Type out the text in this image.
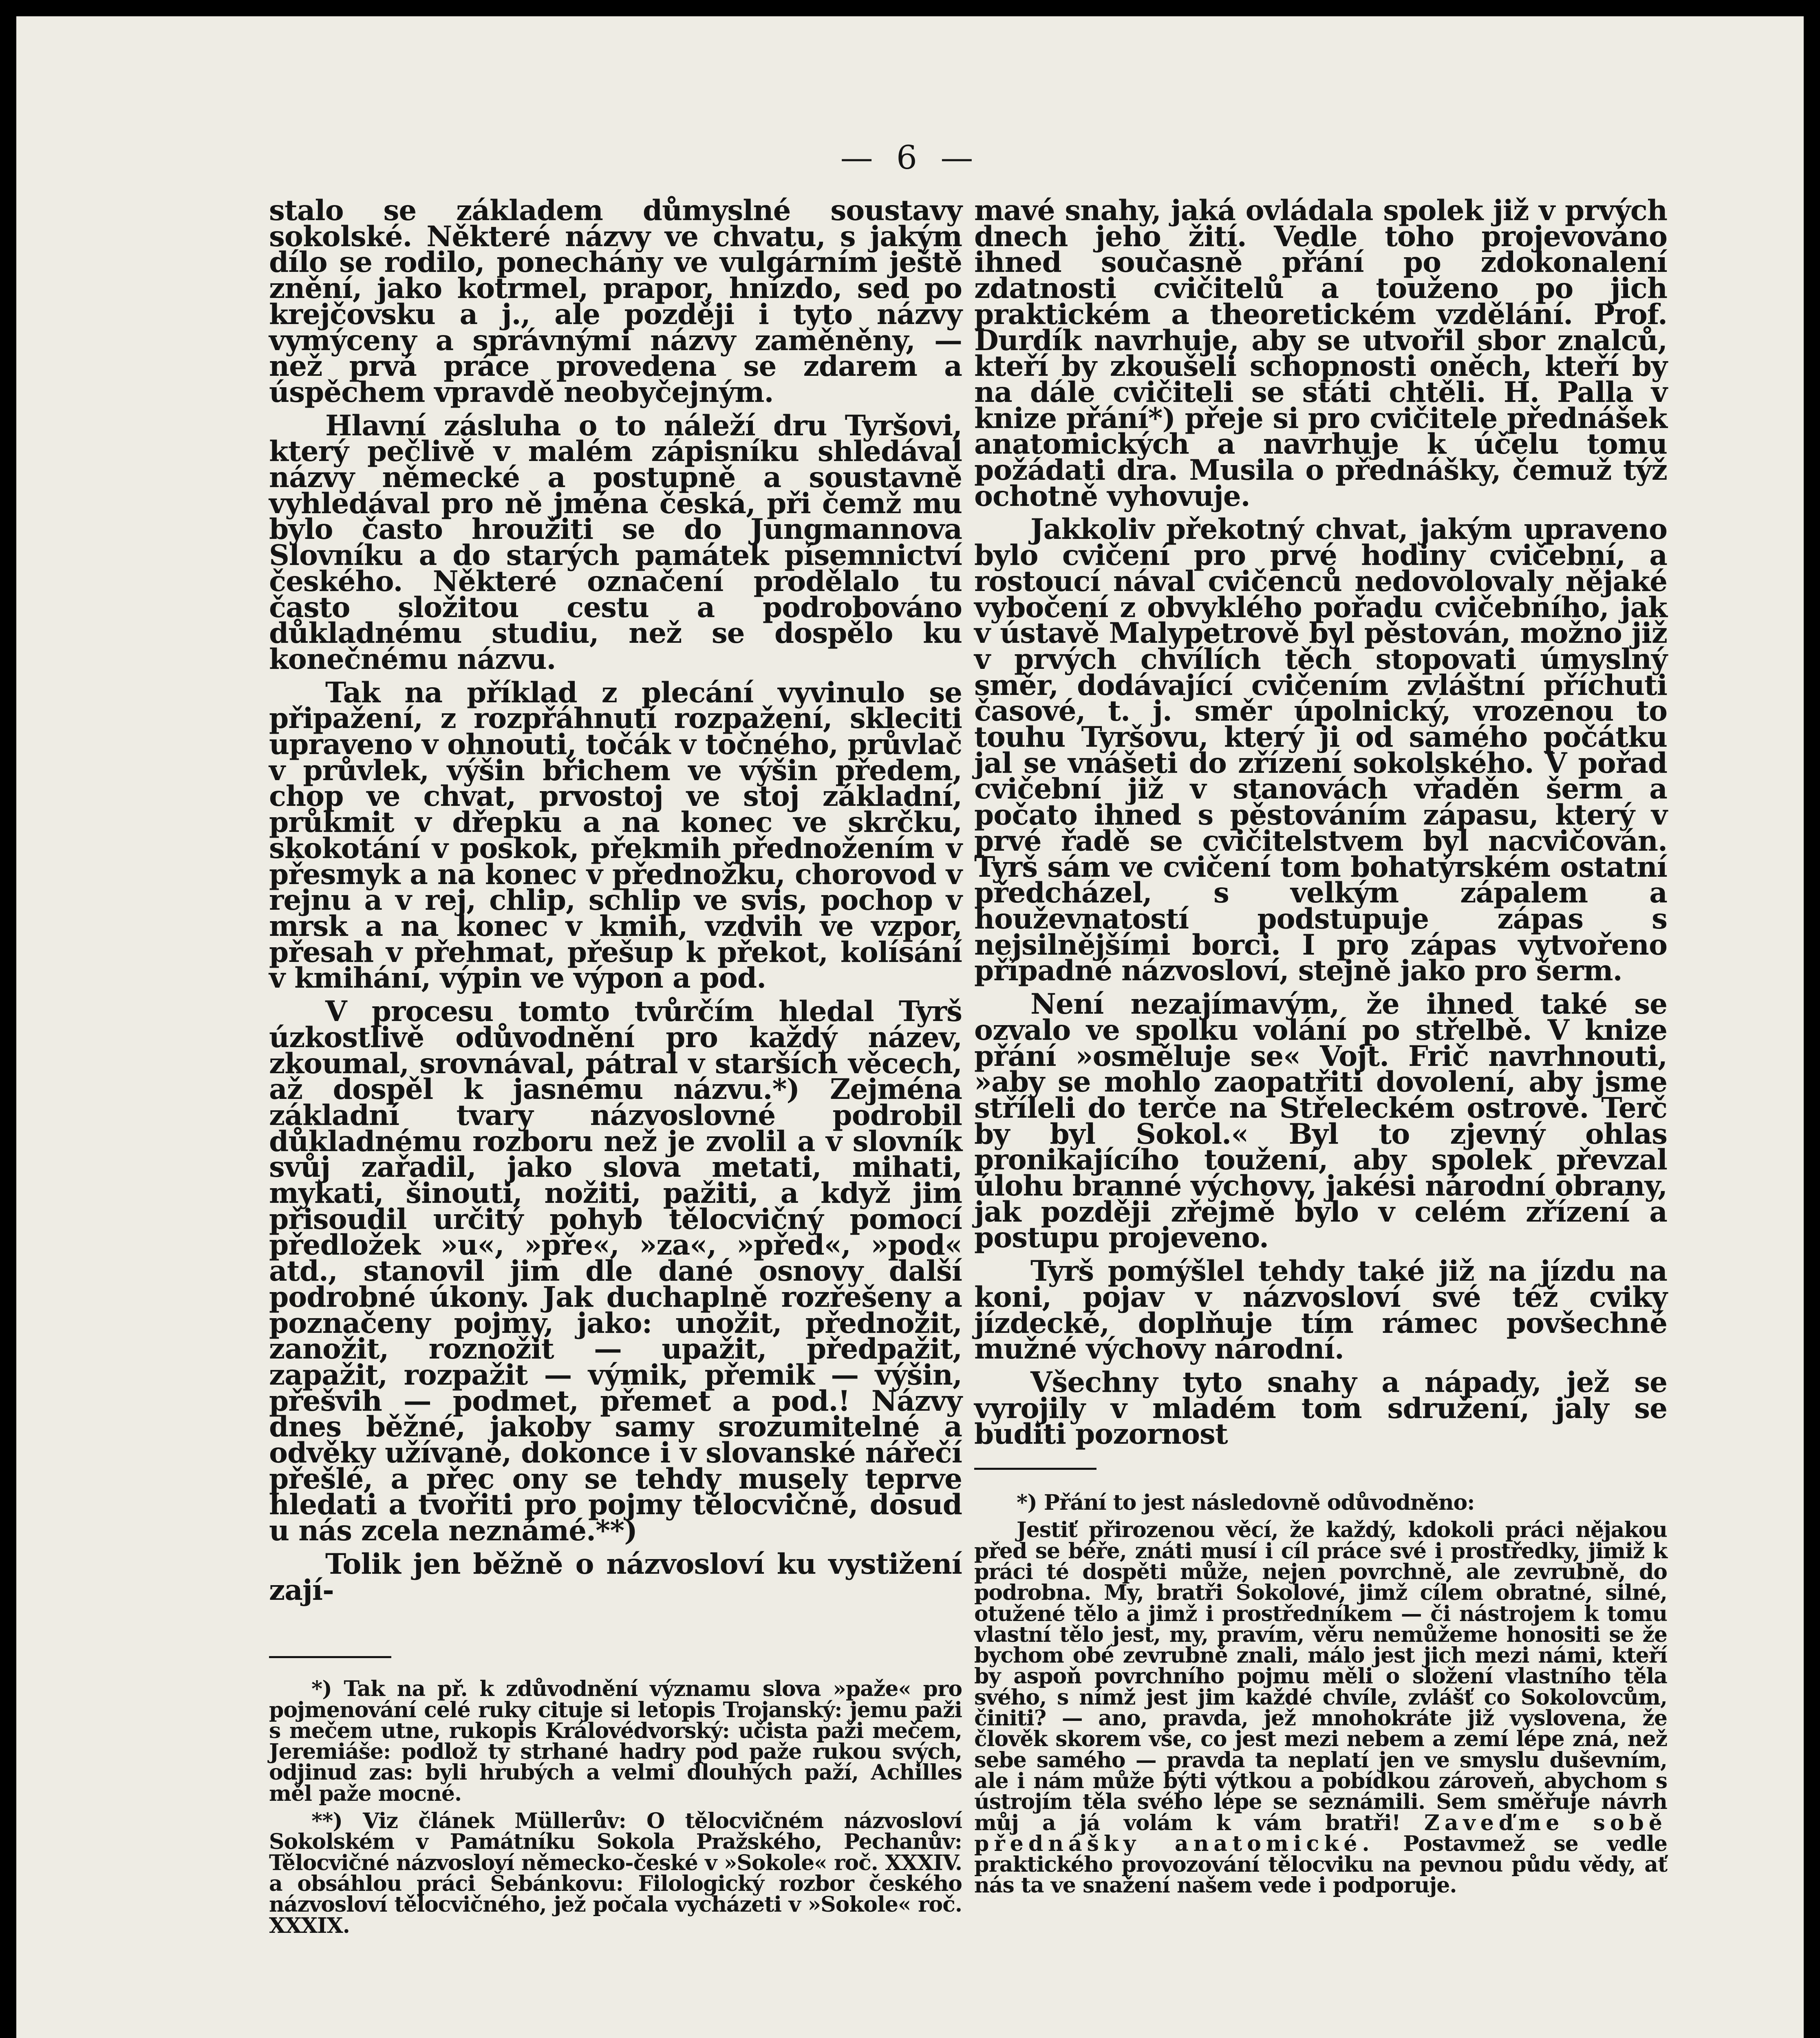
— 6 —

stalo se základem důmyslné soustavy sokolské. Některé názvy ve chvatu, s jakým dílo se rodilo, ponechány ve vulgárním ještě znění, jako kotrmel, prapor, hnízdo, sed po krejčovsku a j., ale později i tyto názvy vymýceny a správnými názvy zaměněny, — než prvá práce provedena se zdarem a úspěchem vpravdě neobyčejným.

Hlavní zásluha o to náleží dru Tyršovi, který pečlivě v malém zápisníku shledával názvy německé a postupně a soustavně vyhledával pro ně jména česká, při čemž mu bylo často hroužiti se do Jungmannova Slovníku a do starých památek písemnictví českého. Některé označení prodělalo tu často složitou cestu a podrobováno důkladnému studiu, než se dospělo ku konečnému názvu.

Tak na příklad z plecání vyvinulo se připažení, z rozpřáhnutí rozpažení, skleciti upraveno v ohnouti, točák v točného, průvlač v průvlek, výšin břichem ve výšin předem, chop ve chvat, prvostoj ve stoj základní, průkmit v dřepku a na konec ve skrčku, skokotání v poskok, překmih přednožením v přesmyk a na konec v přednožku, chorovod v rejnu a v rej, chlip, schlip ve svis, pochop v mrsk a na konec v kmih, vzdvih ve vzpor, přesah v přehmat, přešup k překot, kolísání v kmihání, výpin ve výpon a pod.

V procesu tomto tvůrčím hledal Tyrš úzkostlivě odůvodnění pro každý název, zkoumal, srovnával, pátral v starších věcech, až dospěl k jasnému názvu.*) Zejména základní tvary názvoslovné podrobil důkladnému rozboru než je zvolil a v slovník svůj zařadil, jako slova metati, mihati, mykati, šinouti, nožiti, pažiti, a když jim přisoudil určitý pohyb tělocvičný pomocí předložek »u«, »pře«, »za«, »před«, »pod« atd., stanovil jim dle dané osnovy další podrobné úkony. Jak duchaplně rozřešeny a poznačeny pojmy, jako: unožit, přednožit, zanožit, roznožit — upažit, předpažit, zapažit, rozpažit — výmik, přemik — výšin, přešvih — podmet, přemet a pod.! Názvy dnes běžné, jakoby samy srozumitelné a odvěky užívané, dokonce i v slovanské nářečí přešlé, a přec ony se tehdy musely teprve hledati a tvořiti pro pojmy tělocvičné, dosud u nás zcela neznámé.**)

Tolik jen běžně o názvosloví ku vystižení zají-

*) Tak na př. k zdůvodnění významu slova »paže« pro pojmenování celé ruky cituje si letopis Trojanský: jemu paži s mečem utne, rukopis Královédvorský: učista paži mečem, Jeremiáše: podlož ty strhané hadry pod paže rukou svých, odjinud zas: byli hrubých a velmi dlouhých paží, Achilles měl paže mocné.

**) Viz článek Müllerův: O tělocvičném názvosloví Sokolském v Památníku Sokola Pražského, Pechanův: Tělocvičné názvosloví německo-české v »Sokole« roč. XXXIV. a obsáhlou práci Šebánkovu: Filologický rozbor českého názvosloví tělocvičného, jež počala vycházeti v »Sokole« roč. XXXIX.

mavé snahy, jaká ovládala spolek již v prvých dnech jeho žití. Vedle toho projevováno ihned současně přání po zdokonalení zdatnosti cvičitelů a touženo po jich praktickém a theoretickém vzdělání. Prof. Durdík navrhuje, aby se utvořil sbor znalců, kteří by zkoušeli schopnosti oněch, kteří by na dále cvičiteli se státi chtěli. H. Palla v knize přání*) přeje si pro cvičitele přednášek anatomických a navrhuje k účelu tomu požádati dra. Musila o přednášky, čemuž týž ochotně vyhovuje.

Jakkoliv překotný chvat, jakým upraveno bylo cvičení pro prvé hodiny cvičební, a rostoucí nával cvičenců nedovolovaly nějaké vybočení z obvyklého pořadu cvičebního, jak v ústavě Malypetrově byl pěstován, možno již v prvých chvílích těch stopovati úmyslný směr, dodávající cvičením zvláštní příchuti časové, t. j. směr úpolnický, vrozenou to touhu Tyršovu, který ji od samého počátku jal se vnášeti do zřízení sokolského. V pořad cvičební již v stanovách vřaděn šerm a počato ihned s pěstováním zápasu, který v prvé řadě se cvičitelstvem byl nacvičován. Tyrš sám ve cvičení tom bohatýrském ostatní předcházel, s velkým zápalem a houževnatostí podstupuje zápas s nejsilnějšími borci. I pro zápas vytvořeno případné názvosloví, stejně jako pro šerm.

Není nezajímavým, že ihned také se ozvalo ve spolku volání po střelbě. V knize přání »osměluje se« Vojt. Frič navrhnouti, »aby se mohlo zaopatřiti dovolení, aby jsme stříleli do terče na Střeleckém ostrově. Terč by byl Sokol.« Byl to zjevný ohlas pronikajícího toužení, aby spolek převzal úlohu branné výchovy, jakési národní obrany, jak později zřejmě bylo v celém zřízení a postupu projeveno.

Tyrš pomýšlel tehdy také již na jízdu na koni, pojav v názvosloví své též cviky jízdecké, doplňuje tím rámec povšechné mužné výchovy národní.

Všechny tyto snahy a nápady, jež se vyrojily v mladém tom sdružení, jaly se buditi pozornost

*) Přání to jest následovně odůvodněno:

Jestiť přirozenou věcí, že každý, kdokoli práci nějakou před se béře, znáti musí i cíl práce své i prostředky, jimiž k práci té dospěti může, nejen povrchně, ale zevrubně, do podrobna. My, bratři Sokolové, jimž cílem obratné, silné, otužené tělo a jimž i prostředníkem — či nástrojem k tomu vlastní tělo jest, my, pravím, věru nemůžeme honositi se že bychom obé zevrubně znali, málo jest jich mezi námi, kteří by aspoň povrchního pojmu měli o složení vlastního těla svého, s nímž jest jim každé chvíle, zvlášť co Sokolovcům, činiti? — ano, pravda, jež mnohokráte již vyslovena, že člověk skorem vše, co jest mezi nebem a zemí lépe zná, než sebe samého — pravda ta neplatí jen ve smyslu duševním, ale i nám může býti výtkou a pobídkou zároveň, abychom s ústrojím těla svého lépe se seznámili. Sem směřuje návrh můj a já volám k vám bratři! Zaveďme sobě přednášky anatomické. Postavmež se vedle praktického provozování tělocviku na pevnou půdu vědy, ať nás ta ve snažení našem vede i podporuje.
